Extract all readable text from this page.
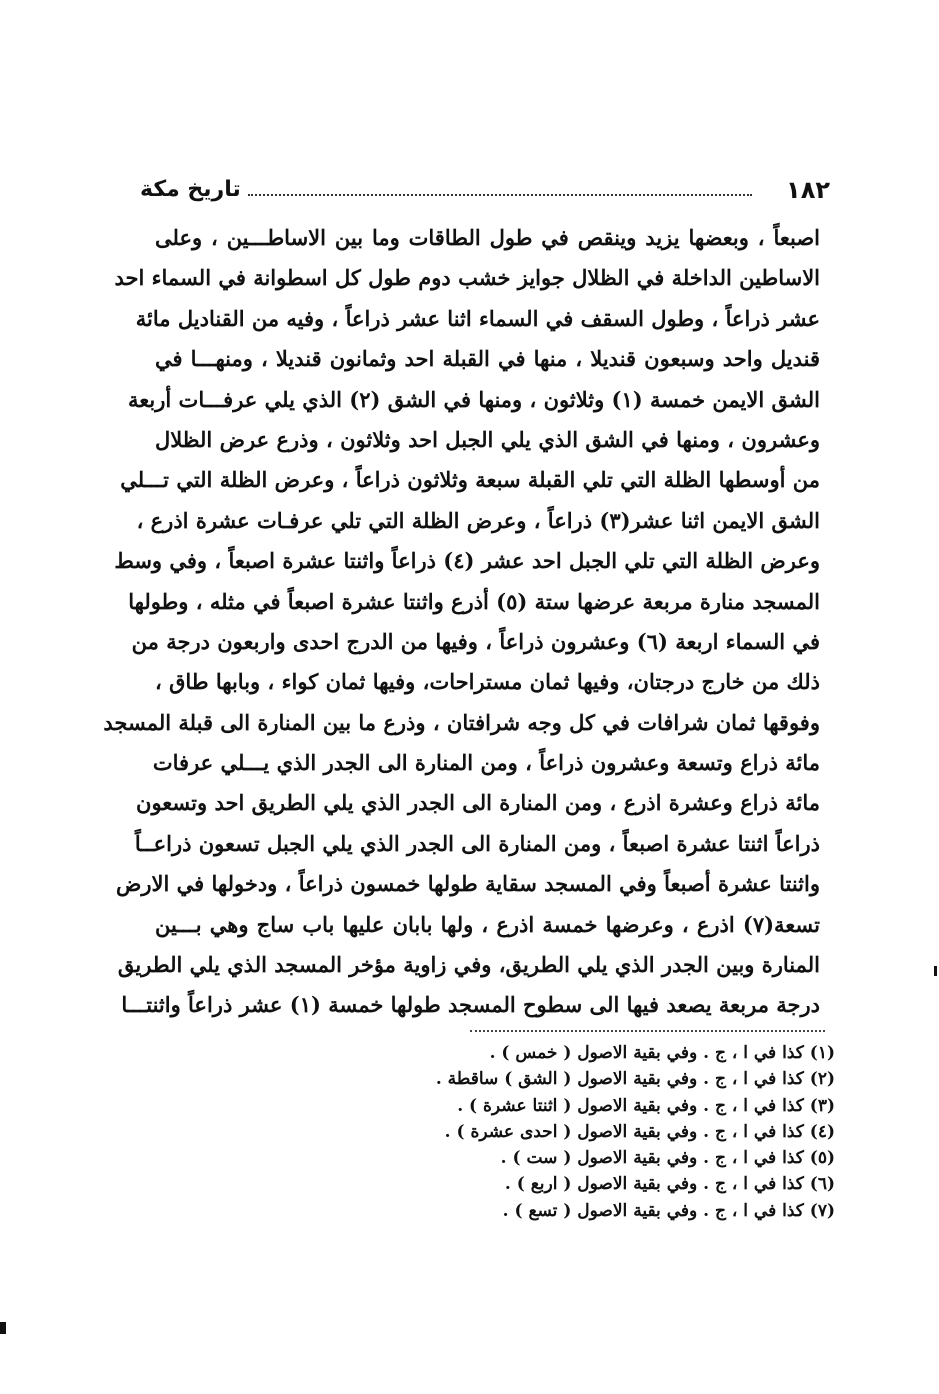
١٨٢
تاريخ مكة
اصبعاً ، وبعضها يزيد وينقص في طول الطاقات وما بين الاساطـــين ، وعلى
الاساطين الداخلة في الظلال جوايز خشب دوم طول كل اسطوانة في السماء احد
عشر ذراعاً ، وطول السقف في السماء اثنا عشر ذراعاً ، وفيه من القناديل مائة
قنديل واحد وسبعون قنديلا ، منها في القبلة احد وثمانون قنديلا ، ومنهـــا في
الشق الايمن خمسة (١) وثلاثون ، ومنها في الشق (٢) الذي يلي عرفـــات أربعة
وعشرون ، ومنها في الشق الذي يلي الجبل احد وثلاثون ، وذرع عرض الظلال
من أوسطها الظلة التي تلي القبلة سبعة وثلاثون ذراعاً ، وعرض الظلة التي تـــلي
الشق الايمن اثنا عشر(٣) ذراعاً ، وعرض الظلة التي تلي عرفـات عشرة اذرع ،
وعرض الظلة التي تلي الجبل احد عشر (٤) ذراعاً واثنتا عشرة اصبعاً ، وفي وسط
المسجد منارة مربعة عرضها ستة (٥) أذرع واثنتا عشرة اصبعاً في مثله ، وطولها
في السماء اربعة (٦) وعشرون ذراعاً ، وفيها من الدرج احدى واربعون درجة من
ذلك من خارج درجتان، وفيها ثمان مستراحات، وفيها ثمان كواء ، وبابها طاق ،
وفوقها ثمان شرافات في كل وجه شرافتان ، وذرع ما بين المنارة الى قبلة المسجد
مائة ذراع وتسعة وعشرون ذراعاً ، ومن المنارة الى الجدر الذي يـــلي عرفات
مائة ذراع وعشرة اذرع ، ومن المنارة الى الجدر الذي يلي الطريق احد وتسعون
ذراعاً اثنتا عشرة اصبعاً ، ومن المنارة الى الجدر الذي يلي الجبل تسعون ذراعــاً
واثنتا عشرة أصبعاً وفي المسجد سقاية طولها خمسون ذراعاً ، ودخولها في الارض
تسعة(٧) اذرع ، وعرضها خمسة اذرع ، ولها بابان عليها باب ساج وهي بـــين
المنارة وبين الجدر الذي يلي الطريق، وفي زاوية مؤخر المسجد الذي يلي الطريق
درجة مربعة يصعد فيها الى سطوح المسجد طولها خمسة (١) عشر ذراعاً واثنتـــا
(١) كذا في ا ، ج . وفي بقية الاصول ( خمس ) .
(٢) كذا في ا ، ج . وفي بقية الاصول ( الشق ) ساقطة .
(٣) كذا في ا ، ج . وفي بقية الاصول ( اثنتا عشرة ) .
(٤) كذا في ا ، ج . وفي بقية الاصول ( احدى عشرة ) .
(٥) كذا في ا ، ج . وفي بقية الاصول ( ست ) .
(٦) كذا في ا ، ج . وفي بقية الاصول ( اربع ) .
(٧) كذا في ا ، ج . وفي بقية الاصول ( تسع ) .
